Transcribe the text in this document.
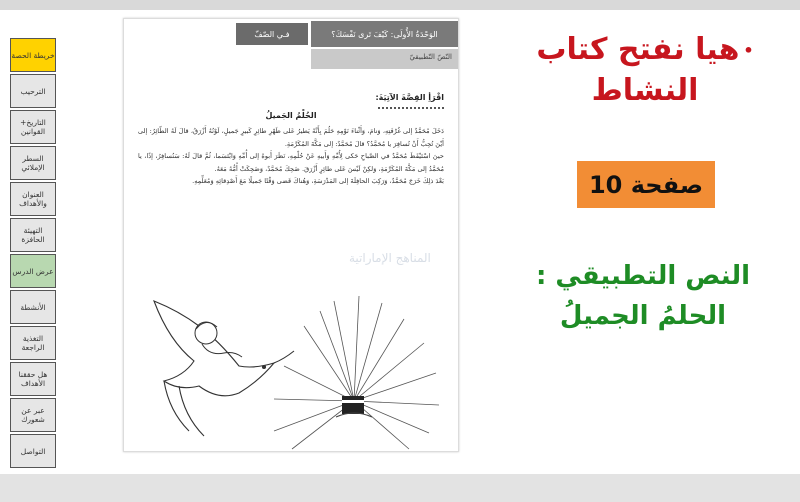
خريطة الحصة
الترحيب
التاريخ+ القوانين
السطر الإملائي
العنوان والأهداف
التهيئة الحافزة
عرض الدرس
الأنشطة
التغذية الراجعة
هل حققنا الأهداف
عبر عن شعورك
التواصل
الوَحْدَةُ الأُولَى: كَيْفَ تَرى نَفْسَكَ؟
فـي الصّفّ
النّصّ التّطبيقيّ
اقْرَأِ القِصَّةَ الآتِيَةَ:
الحُلْمُ الجَميلُ

دَخَلَ مُحَمَّدٌ إلى غُرْفَتِهِ، وَنامَ، وَأَثْناءَ نَوْمِهِ حَلُمَ بِأَنَّهُ يَطيرُ عَلى ظَهْرِ طائِرٍ كَبيرٍ جَميلٍ، لَوْنُهُ أَزْرَقُ، قالَ لَهُ الطّائِرُ: إلى أَيْنَ تُحِبُّ أَنْ تُسافِرَ يا مُحَمَّدُ؟ قالَ مُحَمَّدٌ: إلى مَكَّةَ المُكَرَّمَةِ.

حينَ اسْتَيْقَظَ مُحَمَّدٌ في الصَّباحِ حَكى لِأُمِّهِ وَأَبيهِ عَنْ حُلْمِهِ، نَظَرَ أَبوهُ إلى أُمِّهِ وَابْتَسَما، ثُمَّ قالَ لَهُ: سَنُسافِرُ، إذًا، يا مُحَمَّدُ إلى مَكَّةَ المُكَرَّمَةِ، وَلكِنْ لَيْسَ عَلى طائِرٍ أَزْرَقَ. ضَحِكَ مُحَمَّدٌ، وَضَحِكَتْ أُمُّهُ مَعَهُ.

بَعْدَ ذلِكَ خَرَجَ مُحَمَّدٌ، وَرَكِبَ الحافِلَةَ إلى المَدْرَسَةِ، وَهُناكَ قَضى وَقْتًا جَميلًا مَعَ أَصْدِقائِهِ وَمُعَلِّمِهِ.

المناهج الإماراتية
•هيا نفتح كتاب النشاط
صفحة 10
النص التطبيقي : الحلمُ الجميلُ
